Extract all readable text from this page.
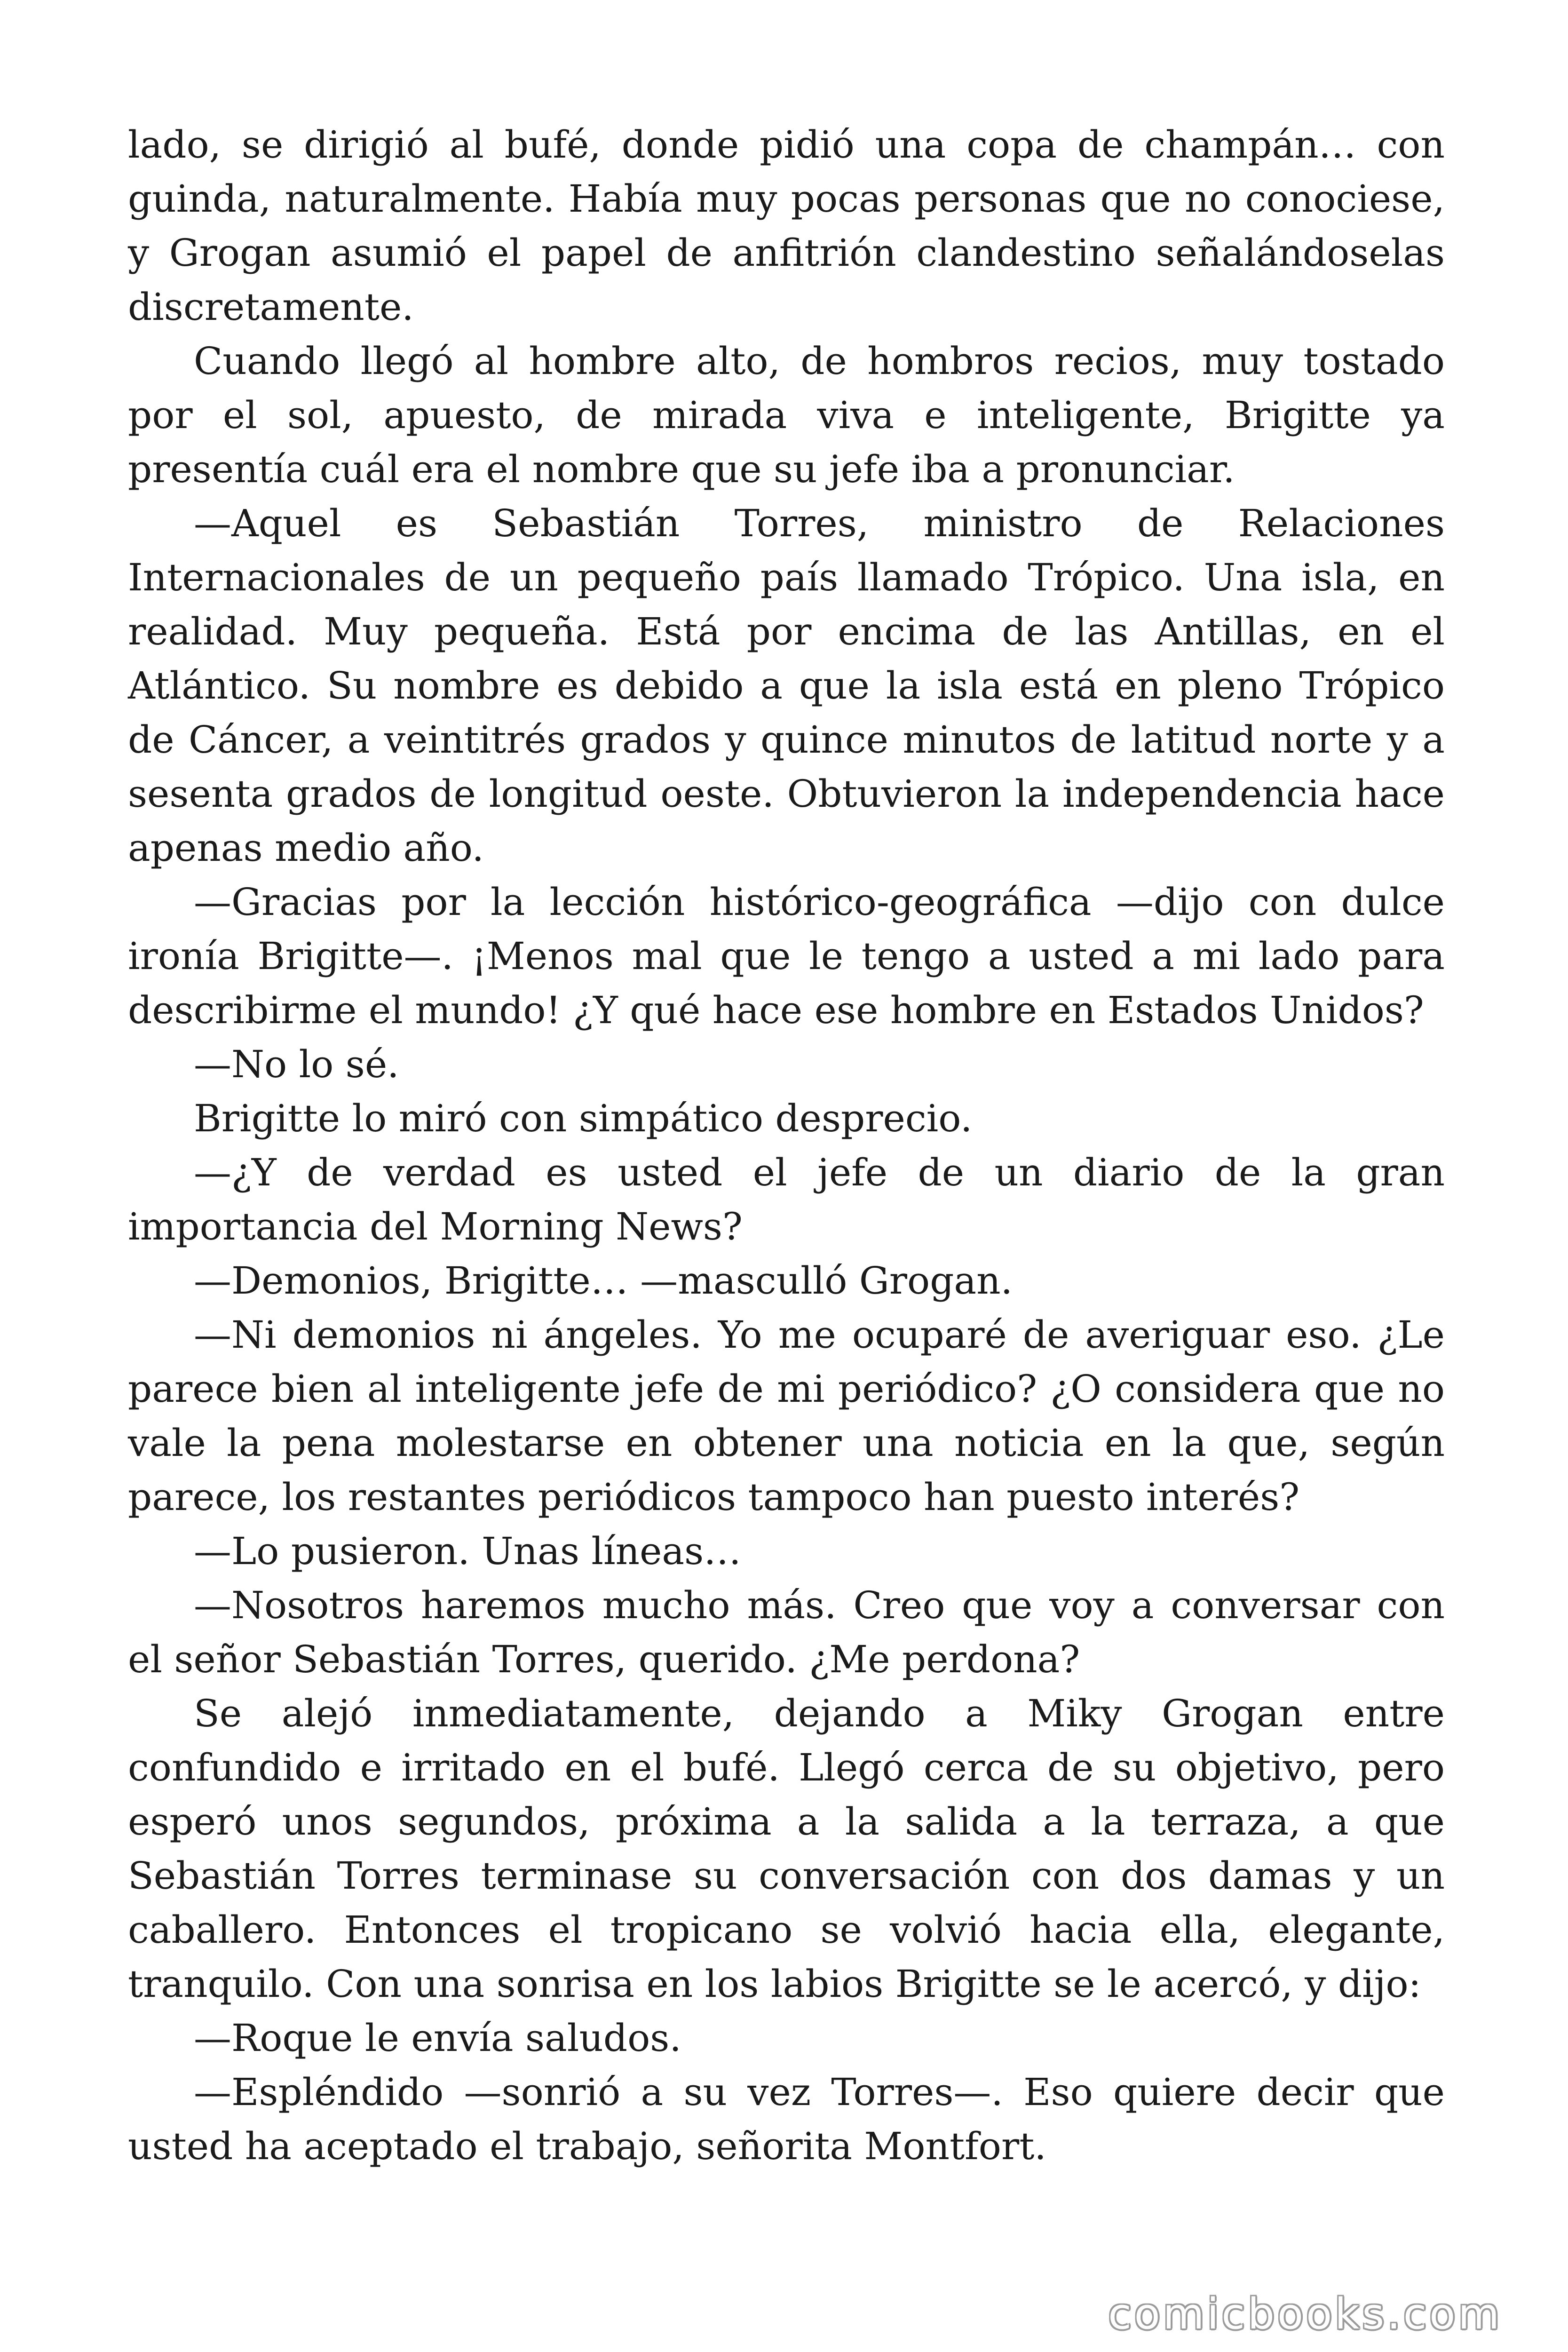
lado, se dirigió al bufé, donde pidió una copa de champán… con guinda, naturalmente. Había muy pocas personas que no conociese, y Grogan asumió el papel de anfitrión clandestino señalándoselas discretamente.

Cuando llegó al hombre alto, de hombros recios, muy tostado por el sol, apuesto, de mirada viva e inteligente, Brigitte ya presentía cuál era el nombre que su jefe iba a pronunciar.

—Aquel es Sebastián Torres, ministro de Relaciones Internacionales de un pequeño país llamado Trópico. Una isla, en realidad. Muy pequeña. Está por encima de las Antillas, en el Atlántico. Su nombre es debido a que la isla está en pleno Trópico de Cáncer, a veintitrés grados y quince minutos de latitud norte y a sesenta grados de longitud oeste. Obtuvieron la independencia hace apenas medio año.

—Gracias por la lección histórico-geográfica —dijo con dulce ironía Brigitte—. ¡Menos mal que le tengo a usted a mi lado para describirme el mundo! ¿Y qué hace ese hombre en Estados Unidos?

—No lo sé.

Brigitte lo miró con simpático desprecio.

—¿Y de verdad es usted el jefe de un diario de la gran importancia del Morning News?

—Demonios, Brigitte… —masculló Grogan.

—Ni demonios ni ángeles. Yo me ocuparé de averiguar eso. ¿Le parece bien al inteligente jefe de mi periódico? ¿O considera que no vale la pena molestarse en obtener una noticia en la que, según parece, los restantes periódicos tampoco han puesto interés?

—Lo pusieron. Unas líneas…

—Nosotros haremos mucho más. Creo que voy a conversar con el señor Sebastián Torres, querido. ¿Me perdona?

Se alejó inmediatamente, dejando a Miky Grogan entre confundido e irritado en el bufé. Llegó cerca de su objetivo, pero esperó unos segundos, próxima a la salida a la terraza, a que Sebastián Torres terminase su conversación con dos damas y un caballero. Entonces el tropicano se volvió hacia ella, elegante, tranquilo. Con una sonrisa en los labios Brigitte se le acercó, y dijo:

—Roque le envía saludos.

—Espléndido —sonrió a su vez Torres—. Eso quiere decir que usted ha aceptado el trabajo, señorita Montfort.

comicbooks.com
